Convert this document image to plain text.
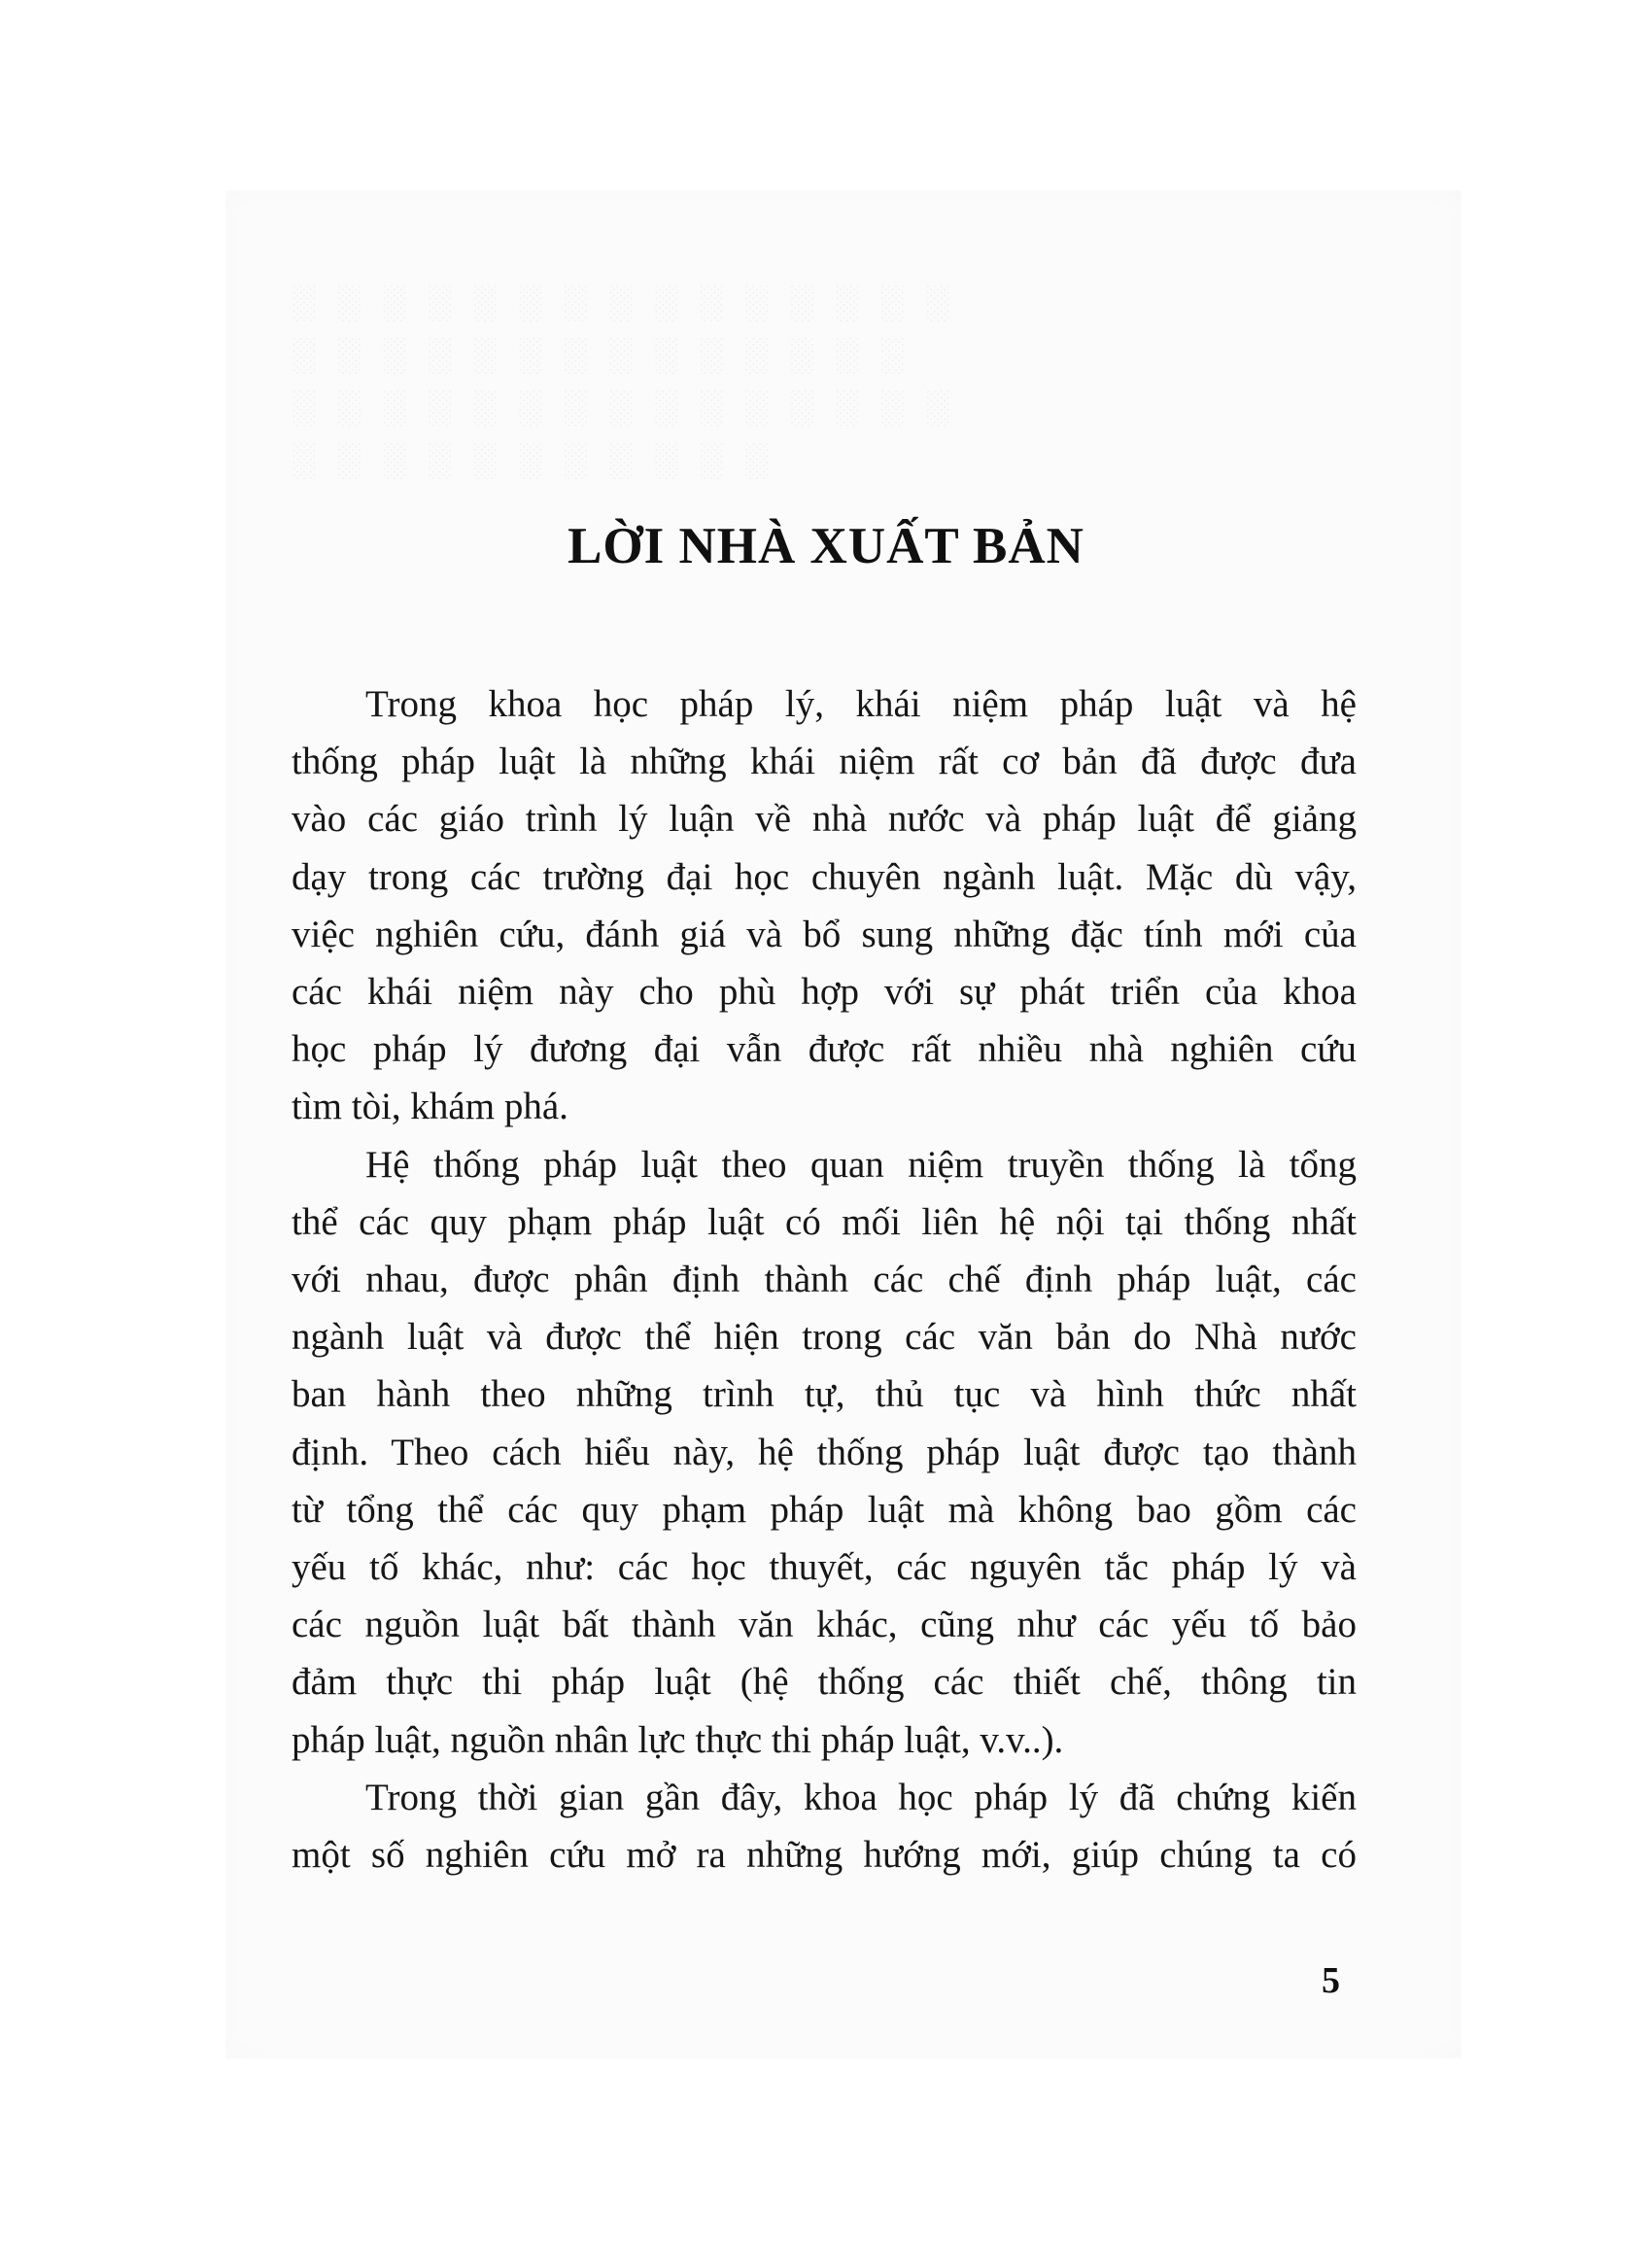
░ ░ ░ ░ ░ ░ ░ ░ ░ ░ ░ ░ ░ ░ ░
░ ░ ░ ░ ░ ░ ░ ░ ░ ░ ░ ░ ░ ░
░ ░ ░ ░ ░ ░ ░ ░ ░ ░ ░ ░ ░ ░ ░
░ ░ ░ ░ ░ ░ ░ ░ ░ ░ ░
LỜI NHÀ XUẤT BẢN
Trong khoa học pháp lý, khái niệm pháp luật và hệ
thống pháp luật là những khái niệm rất cơ bản đã được đưa
vào các giáo trình lý luận về nhà nước và pháp luật để giảng
dạy trong các trường đại học chuyên ngành luật. Mặc dù vậy,
việc nghiên cứu, đánh giá và bổ sung những đặc tính mới của
các khái niệm này cho phù hợp với sự phát triển của khoa
học pháp lý đương đại vẫn được rất nhiều nhà nghiên cứu
tìm tòi, khám phá.
Hệ thống pháp luật theo quan niệm truyền thống là tổng
thể các quy phạm pháp luật có mối liên hệ nội tại thống nhất
với nhau, được phân định thành các chế định pháp luật, các
ngành luật và được thể hiện trong các văn bản do Nhà nước
ban hành theo những trình tự, thủ tục và hình thức nhất
định. Theo cách hiểu này, hệ thống pháp luật được tạo thành
từ tổng thể các quy phạm pháp luật mà không bao gồm các
yếu tố khác, như: các học thuyết, các nguyên tắc pháp lý và
các nguồn luật bất thành văn khác, cũng như các yếu tố bảo
đảm thực thi pháp luật (hệ thống các thiết chế, thông tin
pháp luật, nguồn nhân lực thực thi pháp luật, v.v..).
Trong thời gian gần đây, khoa học pháp lý đã chứng kiến
một số nghiên cứu mở ra những hướng mới, giúp chúng ta có
5
